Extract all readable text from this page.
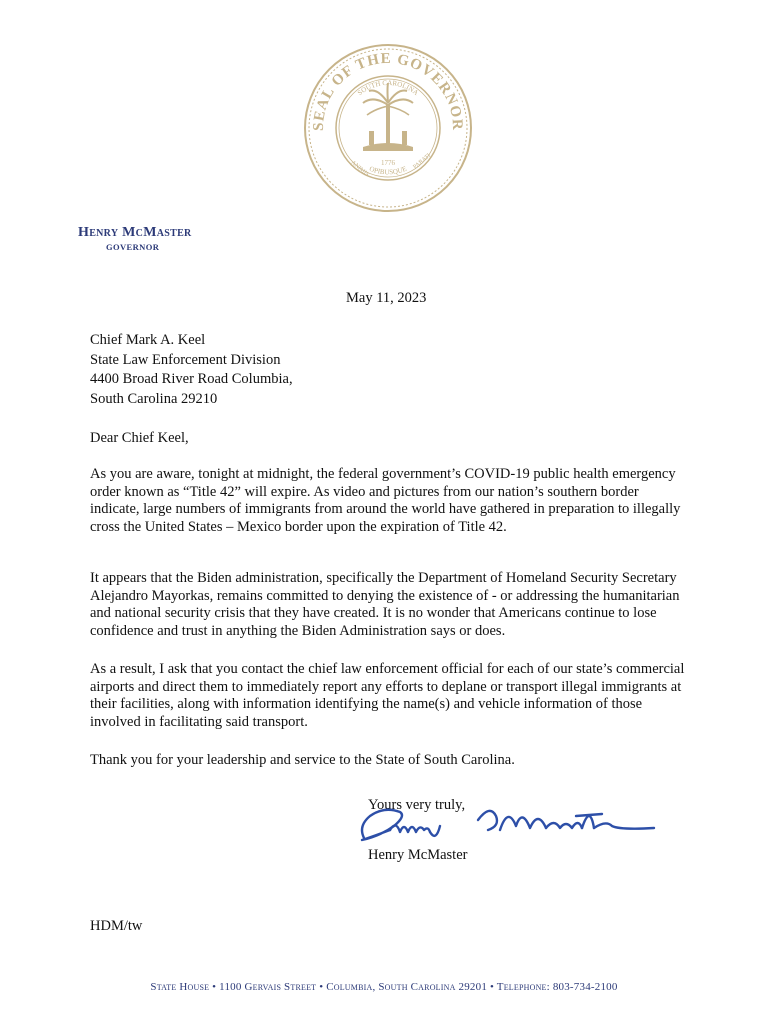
SEAL OF THE GOVERNOR
SOUTH CAROLINA
OPIBUSQUE
ANIMIS	PARATI
1776
Henry McMaster
GOVERNOR
May 11, 2023
Chief Mark A. Keel
State Law Enforcement Division
4400 Broad River Road Columbia,
South Carolina 29210
Dear Chief Keel,
As you are aware, tonight at midnight, the federal government’s COVID-19 public health emergency order known as “Title 42” will expire. As video and pictures from our nation’s southern border indicate, large numbers of immigrants from around the world have gathered in preparation to illegally cross the United States – Mexico border upon the expiration of Title 42.
It appears that the Biden administration, specifically the Department of Homeland Security Secretary Alejandro Mayorkas, remains committed to denying the existence of - or addressing the humanitarian and national security crisis that they have created. It is no wonder that Americans continue to lose confidence and trust in anything the Biden Administration says or does.
As a result, I ask that you contact the chief law enforcement official for each of our state’s commercial airports and direct them to immediately report any efforts to deplane or transport illegal immigrants at their facilities, along with information identifying the name(s) and vehicle information of those involved in facilitating said transport.
Thank you for your leadership and service to the State of South Carolina.
Yours very truly,
Henry McMaster
HDM/tw
State House • 1100 Gervais Street • Columbia, South Carolina 29201 • Telephone: 803-734-2100
